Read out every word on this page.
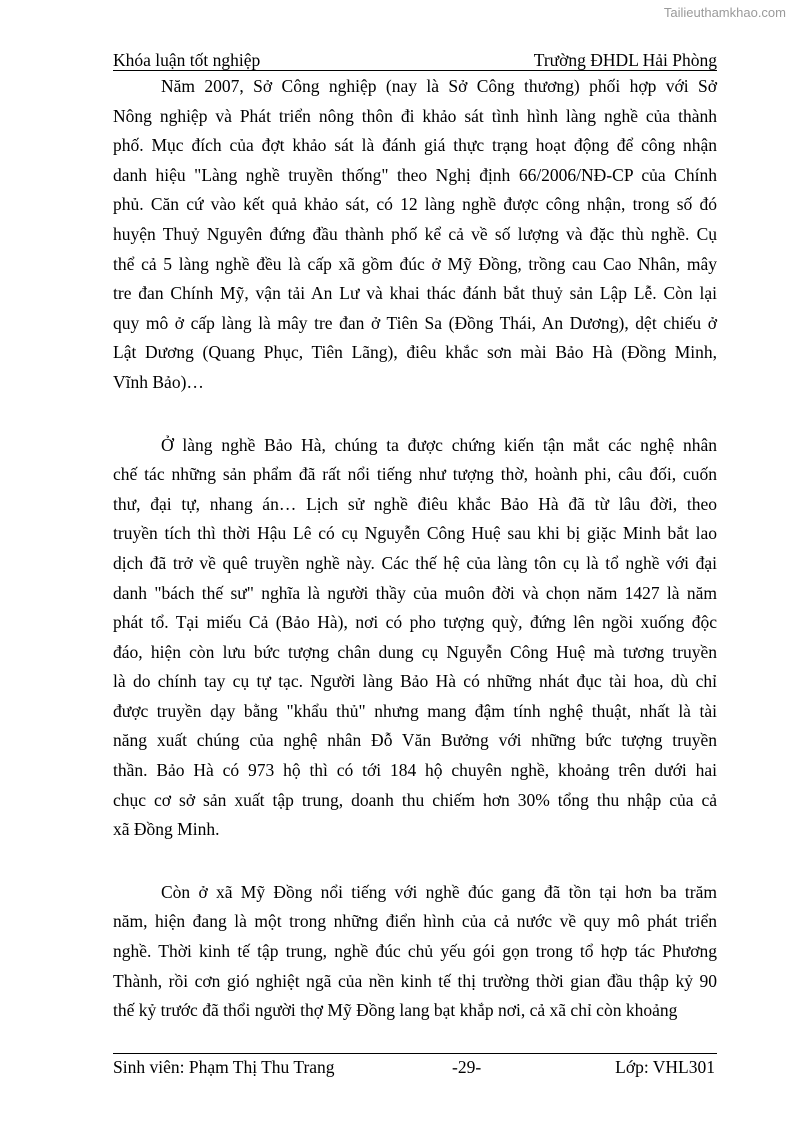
Tailieuthamkhao.com
Khóa luận tốt nghiệp	Trường ĐHDL Hải Phòng
Năm 2007, Sở Công nghiệp (nay là Sở Công thương) phối hợp với Sở
Nông nghiệp và Phát triển nông thôn đi khảo sát tình hình làng nghề của thành
phố. Mục đích của đợt khảo sát là đánh giá thực trạng hoạt động để công nhận
danh hiệu "Làng nghề truyền thống" theo Nghị định 66/2006/NĐ-CP của Chính
phủ. Căn cứ vào kết quả khảo sát, có 12 làng nghề được công nhận, trong số đó
huyện Thuỷ Nguyên đứng đầu thành phố kể cả về số lượng và đặc thù nghề. Cụ
thể cả 5 làng nghề đều là cấp xã gồm đúc ở Mỹ Đồng, trồng cau Cao Nhân, mây
tre đan Chính Mỹ, vận tải An Lư và khai thác đánh bắt thuỷ sản Lập Lễ. Còn lại
quy mô ở cấp làng là mây tre đan ở Tiên Sa (Đồng Thái, An Dương), dệt chiếu ở
Lật Dương (Quang Phục, Tiên Lãng), điêu khắc sơn mài Bảo Hà (Đồng Minh,
Vĩnh Bảo)…
Ở làng nghề Bảo Hà, chúng ta được chứng kiến tận mắt các nghệ nhân
chế tác những sản phẩm đã rất nổi tiếng như tượng thờ, hoành phi, câu đối, cuốn
thư, đại tự, nhang án… Lịch sử nghề điêu khắc Bảo Hà đã từ lâu đời, theo
truyền tích thì thời Hậu Lê có cụ Nguyễn Công Huệ sau khi bị giặc Minh bắt lao
dịch đã trở về quê truyền nghề này. Các thế hệ của làng tôn cụ là tổ nghề với đại
danh "bách thế sư" nghĩa là người thầy của muôn đời và chọn năm 1427 là năm
phát tổ. Tại miếu Cả (Bảo Hà), nơi có pho tượng quỳ, đứng lên ngồi xuống độc
đáo, hiện còn lưu bức tượng chân dung cụ Nguyễn Công Huệ mà tương truyền
là do chính tay cụ tự tạc. Người làng Bảo Hà có những nhát đục tài hoa, dù chỉ
được truyền dạy bằng "khẩu thủ" nhưng mang đậm tính nghệ thuật, nhất là tài
năng xuất chúng của nghệ nhân Đỗ Văn Bưởng với những bức tượng truyền
thần. Bảo Hà có 973 hộ thì có tới 184 hộ chuyên nghề, khoảng trên dưới hai
chục cơ sở sản xuất tập trung, doanh thu chiếm hơn 30% tổng thu nhập của cả
xã Đồng Minh.
Còn ở xã Mỹ Đồng nổi tiếng với nghề đúc gang đã tồn tại hơn ba trăm
năm, hiện đang là một trong những điển hình của cả nước về quy mô phát triển
nghề. Thời kinh tế tập trung, nghề đúc chủ yếu gói gọn trong tổ hợp tác Phương
Thành, rồi cơn gió nghiệt ngã của nền kinh tế thị trường thời gian đầu thập kỷ 90
thế kỷ trước đã thổi người thợ Mỹ Đồng lang bạt khắp nơi, cả xã chỉ còn khoảng
Sinh viên: Phạm Thị Thu Trang	-29-	Lớp: VHL301
